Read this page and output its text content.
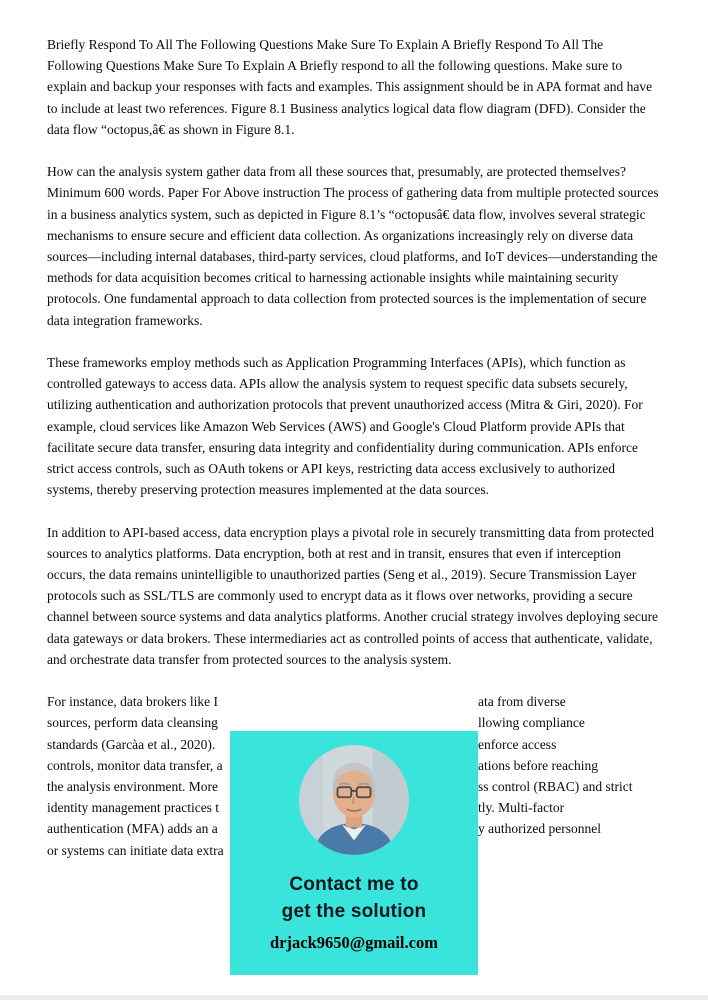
Briefly Respond To All The Following Questions Make Sure To Explain A Briefly Respond To All The Following Questions Make Sure To Explain A Briefly respond to all the following questions. Make sure to explain and backup your responses with facts and examples. This assignment should be in APA format and have to include at least two references. Figure 8.1 Business analytics logical data flow diagram (DFD). Consider the data flow “octopus,â€ as shown in Figure 8.1.

How can the analysis system gather data from all these sources that, presumably, are protected themselves? Minimum 600 words. Paper For Above instruction The process of gathering data from multiple protected sources in a business analytics system, such as depicted in Figure 8.1’s “octopusâ€ data flow, involves several strategic mechanisms to ensure secure and efficient data collection. As organizations increasingly rely on diverse data sources—including internal databases, third-party services, cloud platforms, and IoT devices—understanding the methods for data acquisition becomes critical to harnessing actionable insights while maintaining security protocols. One fundamental approach to data collection from protected sources is the implementation of secure data integration frameworks.

These frameworks employ methods such as Application Programming Interfaces (APIs), which function as controlled gateways to access data. APIs allow the analysis system to request specific data subsets securely, utilizing authentication and authorization protocols that prevent unauthorized access (Mitra & Giri, 2020). For example, cloud services like Amazon Web Services (AWS) and Google's Cloud Platform provide APIs that facilitate secure data transfer, ensuring data integrity and confidentiality during communication. APIs enforce strict access controls, such as OAuth tokens or API keys, restricting data access exclusively to authorized systems, thereby preserving protection measures implemented at the data sources.

In addition to API-based access, data encryption plays a pivotal role in securely transmitting data from protected sources to analytics platforms. Data encryption, both at rest and in transit, ensures that even if interception occurs, the data remains unintelligible to unauthorized parties (Seng et al., 2019). Secure Transmission Layer protocols such as SSL/TLS are commonly used to encrypt data as it flows over networks, providing a secure channel between source systems and data analytics platforms. Another crucial strategy involves deploying secure data gateways or data brokers. These intermediaries act as controlled points of access that authenticate, validate, and orchestrate data transfer from protected sources to the analysis system.

For instance, data brokers like I	ata from diverse
sources, perform data cleansing	llowing compliance
standards (Garcàa et al., 2020).	enforce access
controls, monitor data transfer, a	ations before reaching
the analysis environment. More	ss control (RBAC) and strict
identity management practices t	tly. Multi-factor
authentication (MFA) adds an a	y authorized personnel
or systems can initiate data extra
Contact me to
get the solution
drjack9650@gmail.com
